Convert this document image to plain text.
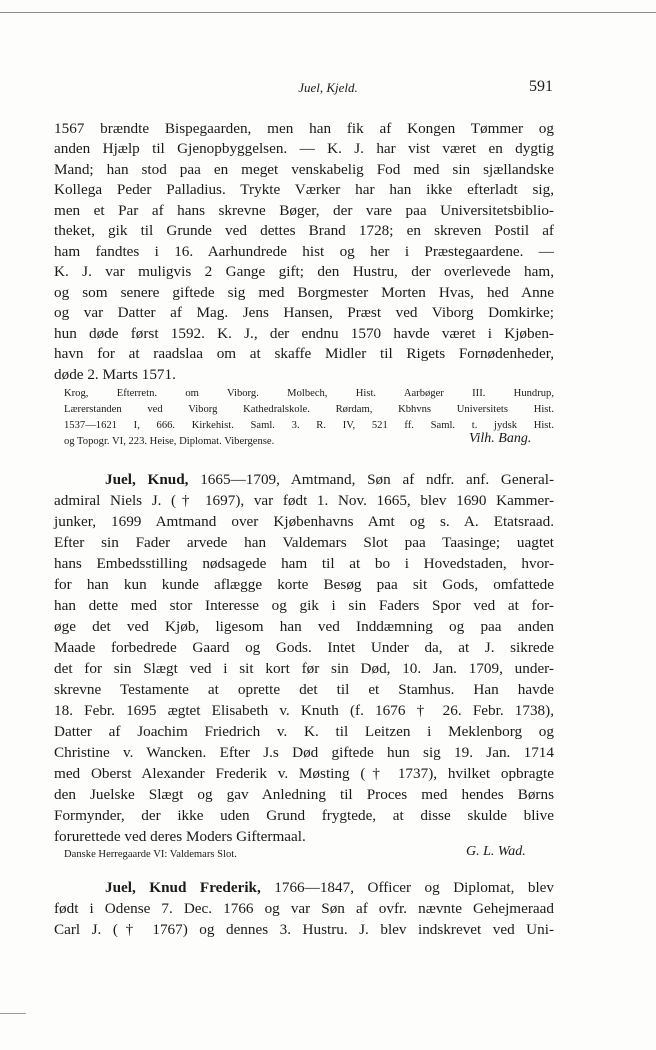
Juel, Kjeld.	591
1567 brændte Bispegaarden, men han fik af Kongen Tømmer og
anden Hjælp til Gjenopbyggelsen. — K. J. har vist været en dygtig
Mand; han stod paa en meget venskabelig Fod med sin sjællandske
Kollega Peder Palladius. Trykte Værker har han ikke efterladt sig,
men et Par af hans skrevne Bøger, der vare paa Universitetsbiblio-
theket, gik til Grunde ved dettes Brand 1728; en skreven Postil af
ham fandtes i 16. Aarhundrede hist og her i Præstegaardene. —
K. J. var muligvis 2 Gange gift; den Hustru, der overlevede ham,
og som senere giftede sig med Borgmester Morten Hvas, hed Anne
og var Datter af Mag. Jens Hansen, Præst ved Viborg Domkirke;
hun døde først 1592. K. J., der endnu 1570 havde været i Kjøben-
havn for at raadslaa om at skaffe Midler til Rigets Fornødenheder,
døde 2. Marts 1571.
Krog, Efterretn. om Viborg. Molbech, Hist. Aarbøger III. Hundrup,
Lærerstanden ved Viborg Kathedralskole. Rørdam, Kbhvns Universitets Hist.
1537—1621 I, 666. Kirkehist. Saml. 3. R. IV, 521 ff. Saml. t. jydsk Hist.
og Topogr. VI, 223. Heise, Diplomat. Vibergense.	Vilh. Bang.
Juel, Knud, 1665—1709, Amtmand, Søn af ndfr. anf. General-
admiral Niels J. († 1697), var født 1. Nov. 1665, blev 1690 Kammer-
junker, 1699 Amtmand over Kjøbenhavns Amt og s. A. Etatsraad.
Efter sin Fader arvede han Valdemars Slot paa Taasinge; uagtet
hans Embedsstilling nødsagede ham til at bo i Hovedstaden, hvor-
for han kun kunde aflægge korte Besøg paa sit Gods, omfattede
han dette med stor Interesse og gik i sin Faders Spor ved at for-
øge det ved Kjøb, ligesom han ved Inddæmning og paa anden
Maade forbedrede Gaard og Gods. Intet Under da, at J. sikrede
det for sin Slægt ved i sit kort før sin Død, 10. Jan. 1709, under-
skrevne Testamente at oprette det til et Stamhus. Han havde
18. Febr. 1695 ægtet Elisabeth v. Knuth (f. 1676 † 26. Febr. 1738),
Datter af Joachim Friedrich v. K. til Leitzen i Meklenborg og
Christine v. Wancken. Efter J.s Død giftede hun sig 19. Jan. 1714
med Oberst Alexander Frederik v. Møsting († 1737), hvilket opbragte
den Juelske Slægt og gav Anledning til Proces med hendes Børns
Formynder, der ikke uden Grund frygtede, at disse skulde blive
forurettede ved deres Moders Giftermaal.
Danske Herregaarde VI: Valdemars Slot.	G. L. Wad.
Juel, Knud Frederik, 1766—1847, Officer og Diplomat, blev
født i Odense 7. Dec. 1766 og var Søn af ovfr. nævnte Gehejmeraad
Carl J. († 1767) og dennes 3. Hustru. J. blev indskrevet ved Uni-
